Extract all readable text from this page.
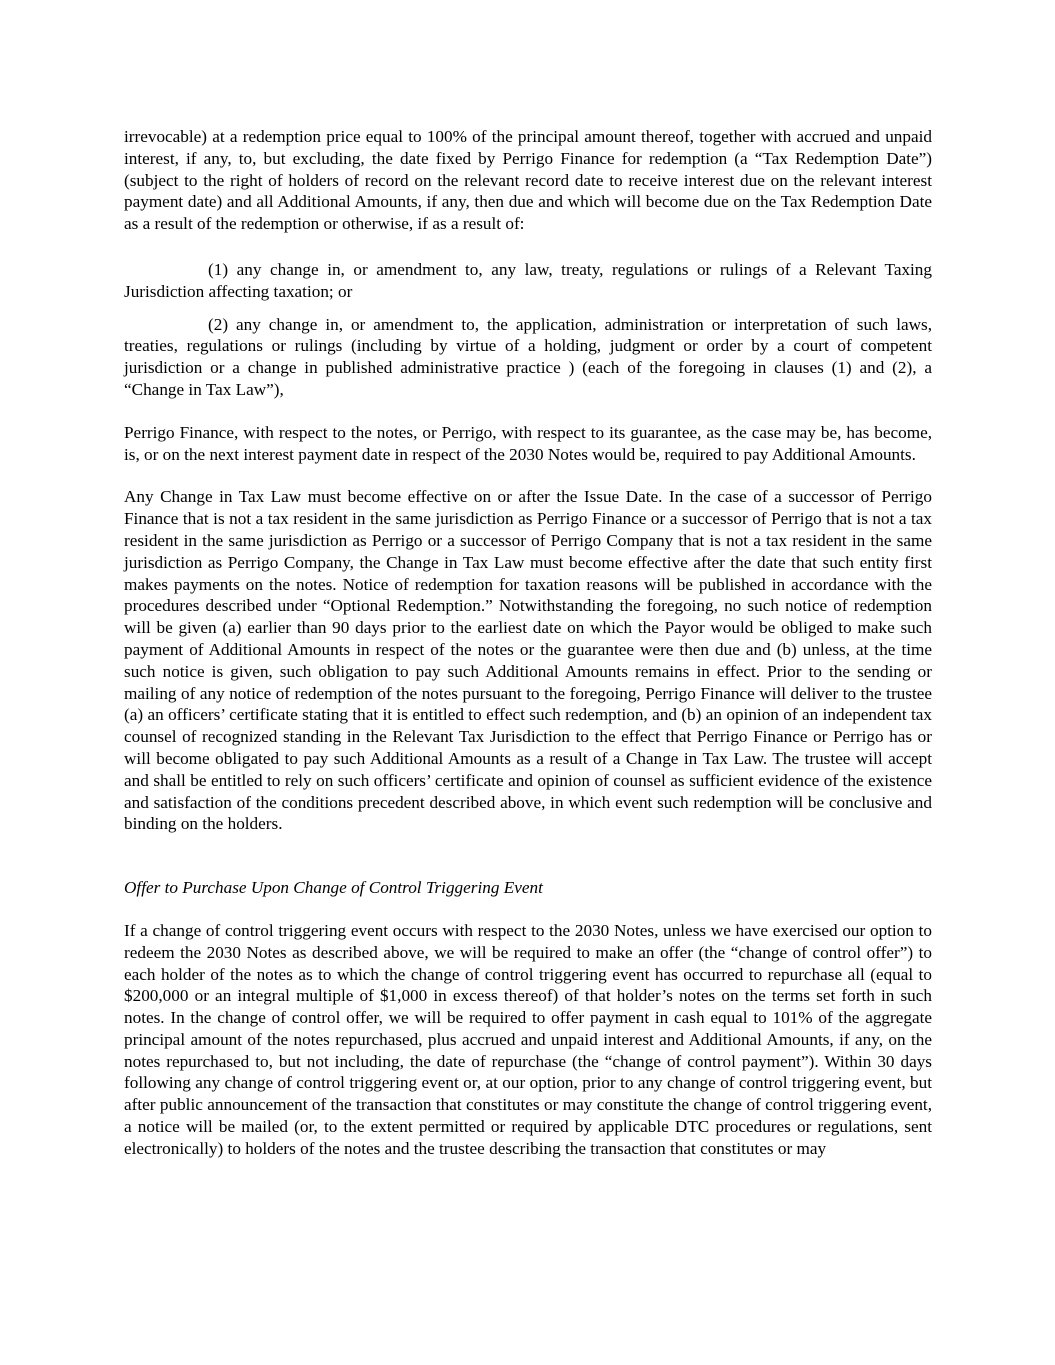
irrevocable) at a redemption price equal to 100% of the principal amount thereof, together with accrued and unpaid interest, if any, to, but excluding, the date fixed by Perrigo Finance for redemption (a “Tax Redemption Date”) (subject to the right of holders of record on the relevant record date to receive interest due on the relevant interest payment date) and all Additional Amounts, if any, then due and which will become due on the Tax Redemption Date as a result of the redemption or otherwise, if as a result of:

(1) any change in, or amendment to, any law, treaty, regulations or rulings of a Relevant Taxing Jurisdiction affecting taxation; or

(2) any change in, or amendment to, the application, administration or interpretation of such laws, treaties, regulations or rulings (including by virtue of a holding, judgment or order by a court of competent jurisdiction or a change in published administrative practice ) (each of the foregoing in clauses (1) and (2), a “Change in Tax Law”),

Perrigo Finance, with respect to the notes, or Perrigo, with respect to its guarantee, as the case may be, has become, is, or on the next interest payment date in respect of the 2030 Notes would be, required to pay Additional Amounts.

Any Change in Tax Law must become effective on or after the Issue Date. In the case of a successor of Perrigo Finance that is not a tax resident in the same jurisdiction as Perrigo Finance or a successor of Perrigo that is not a tax resident in the same jurisdiction as Perrigo or a successor of Perrigo Company that is not a tax resident in the same jurisdiction as Perrigo Company, the Change in Tax Law must become effective after the date that such entity first makes payments on the notes. Notice of redemption for taxation reasons will be published in accordance with the procedures described under “Optional Redemption.” Notwithstanding the foregoing, no such notice of redemption will be given (a) earlier than 90 days prior to the earliest date on which the Payor would be obliged to make such payment of Additional Amounts in respect of the notes or the guarantee were then due and (b) unless, at the time such notice is given, such obligation to pay such Additional Amounts remains in effect. Prior to the sending or mailing of any notice of redemption of the notes pursuant to the foregoing, Perrigo Finance will deliver to the trustee (a) an officers’ certificate stating that it is entitled to effect such redemption, and (b) an opinion of an independent tax counsel of recognized standing in the Relevant Tax Jurisdiction to the effect that Perrigo Finance or Perrigo has or will become obligated to pay such Additional Amounts as a result of a Change in Tax Law. The trustee will accept and shall be entitled to rely on such officers’ certificate and opinion of counsel as sufficient evidence of the existence and satisfaction of the conditions precedent described above, in which event such redemption will be conclusive and binding on the holders.

Offer to Purchase Upon Change of Control Triggering Event

If a change of control triggering event occurs with respect to the 2030 Notes, unless we have exercised our option to redeem the 2030 Notes as described above, we will be required to make an offer (the “change of control offer”) to each holder of the notes as to which the change of control triggering event has occurred to repurchase all (equal to $200,000 or an integral multiple of $1,000 in excess thereof) of that holder’s notes on the terms set forth in such notes. In the change of control offer, we will be required to offer payment in cash equal to 101% of the aggregate principal amount of the notes repurchased, plus accrued and unpaid interest and Additional Amounts, if any, on the notes repurchased to, but not including, the date of repurchase (the “change of control payment”). Within 30 days following any change of control triggering event or, at our option, prior to any change of control triggering event, but after public announcement of the transaction that constitutes or may constitute the change of control triggering event, a notice will be mailed (or, to the extent permitted or required by applicable DTC procedures or regulations, sent electronically) to holders of the notes and the trustee describing the transaction that constitutes or may
